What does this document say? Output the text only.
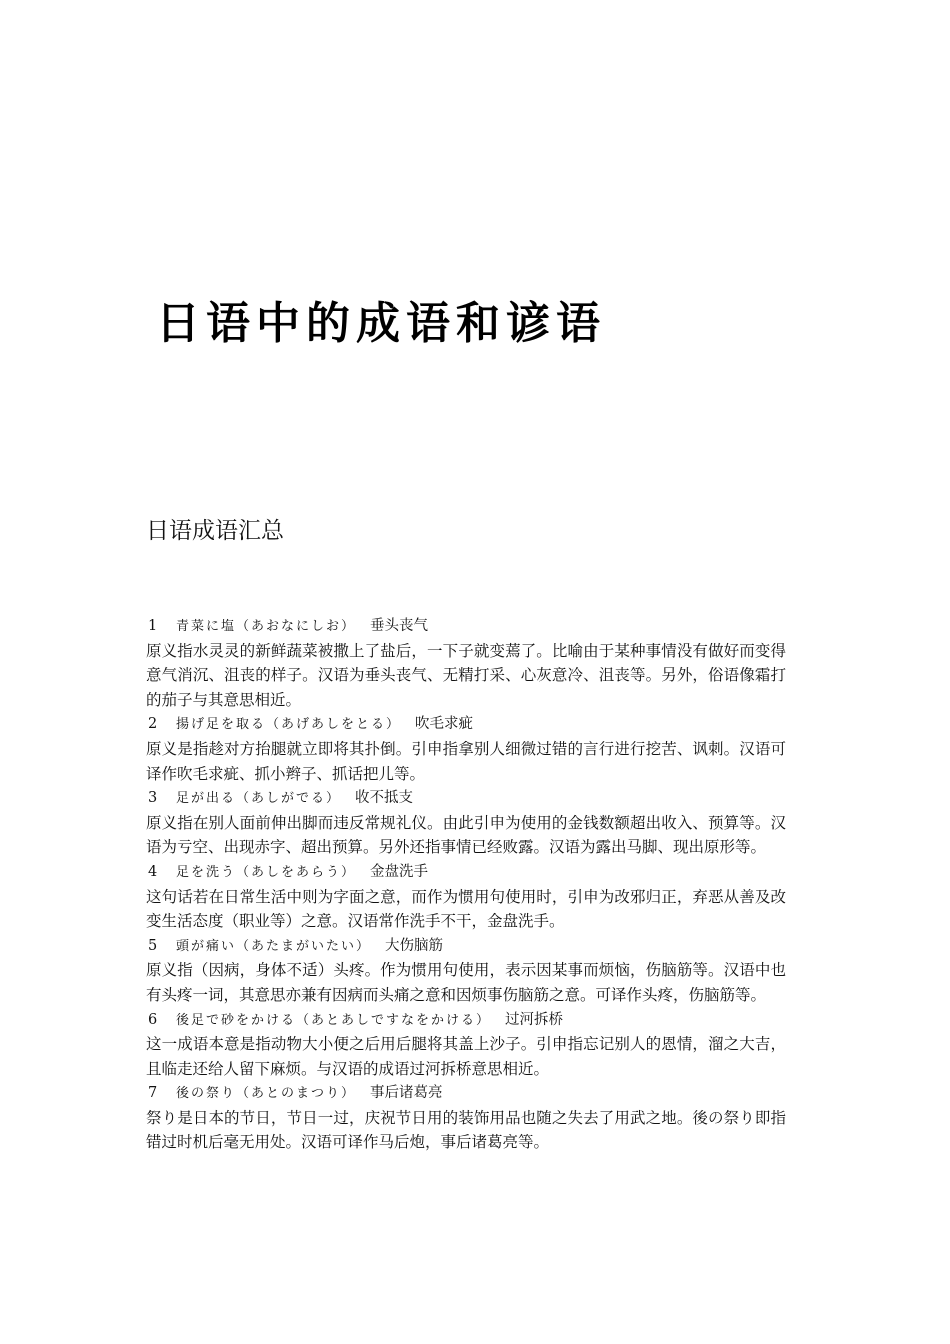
日语中的成语和谚语
日语成语汇总
1 青菜に塩（あおなにしお） 垂头丧气

原义指水灵灵的新鲜蔬菜被撒上了盐后，一下子就变蔫了。比喻由于某种事情没有做好而变得意气消沉、沮丧的样子。汉语为垂头丧气、无精打采、心灰意冷、沮丧等。另外，俗语像霜打的茄子与其意思相近。

2 揚げ足を取る（あげあしをとる） 吹毛求疵

原义是指趁对方抬腿就立即将其扑倒。引申指拿别人细微过错的言行进行挖苦、讽刺。汉语可译作吹毛求疵、抓小辫子、抓话把儿等。

3 足が出る（あしがでる） 收不抵支

原义指在别人面前伸出脚而违反常规礼仪。由此引申为使用的金钱数额超出收入、预算等。汉语为亏空、出现赤字、超出预算。另外还指事情已经败露。汉语为露出马脚、现出原形等。

4 足を洗う（あしをあらう） 金盘洗手

这句话若在日常生活中则为字面之意，而作为惯用句使用时，引申为改邪归正，弃恶从善及改变生活态度（职业等）之意。汉语常作洗手不干，金盘洗手。

5 頭が痛い（あたまがいたい） 大伤脑筋

原义指（因病，身体不适）头疼。作为惯用句使用，表示因某事而烦恼，伤脑筋等。汉语中也有头疼一词，其意思亦兼有因病而头痛之意和因烦事伤脑筋之意。可译作头疼，伤脑筋等。

6 後足で砂をかける（あとあしですなをかける） 过河拆桥

这一成语本意是指动物大小便之后用后腿将其盖上沙子。引申指忘记别人的恩情，溜之大吉，且临走还给人留下麻烦。与汉语的成语过河拆桥意思相近。

7 後の祭り（あとのまつり） 事后诸葛亮

祭り是日本的节日，节日一过，庆祝节日用的装饰用品也随之失去了用武之地。後の祭り即指错过时机后毫无用处。汉语可译作马后炮，事后诸葛亮等。
